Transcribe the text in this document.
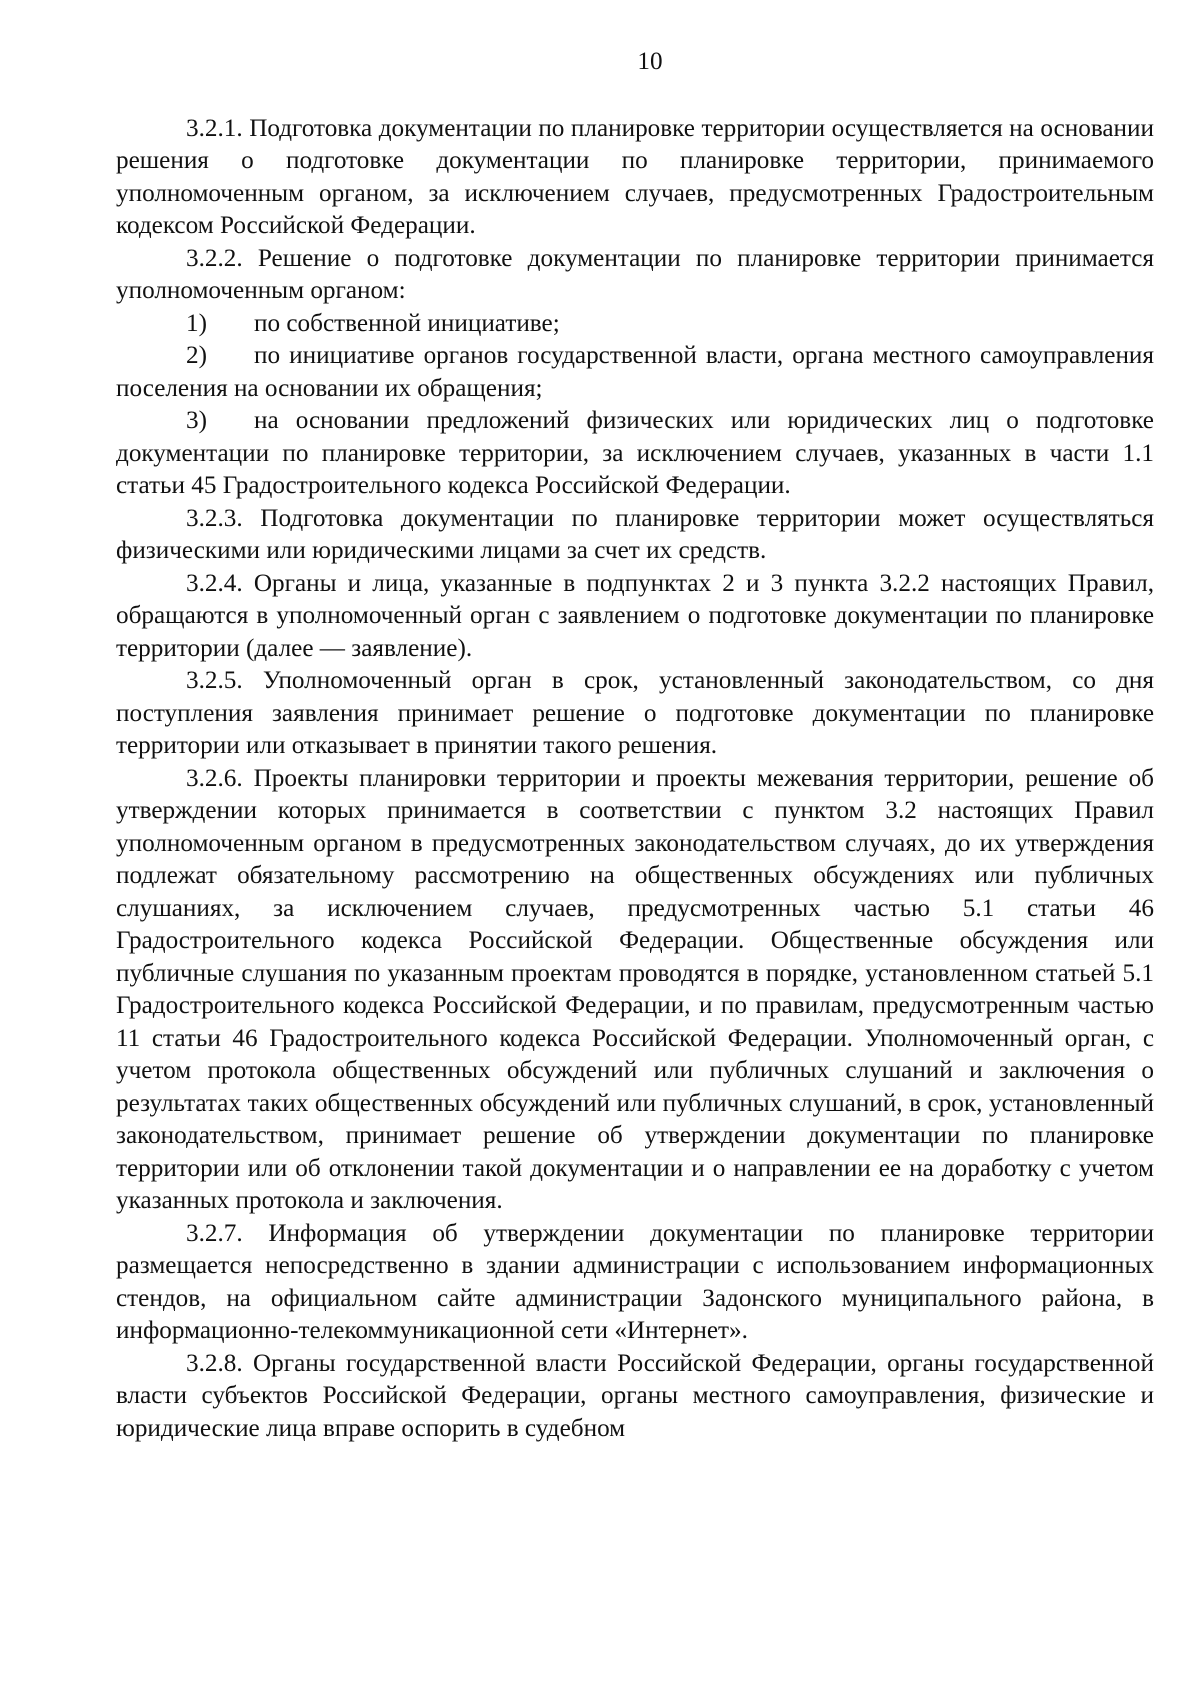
10

3.2.1. Подготовка документации по планировке территории осуществляется на основании решения о подготовке документации по планировке территории, принимаемого уполномоченным органом, за исключением случаев, предусмотренных Градостроительным кодексом Российской Федерации.

3.2.2. Решение о подготовке документации по планировке территории принимается уполномоченным органом:

1) по собственной инициативе;

2) по инициативе органов государственной власти, органа местного самоуправления поселения на основании их обращения;

3) на основании предложений физических или юридических лиц о подготовке документации по планировке территории, за исключением случаев, указанных в части 1.1 статьи 45 Градостроительного кодекса Российской Федерации.

3.2.3. Подготовка документации по планировке территории может осуществляться физическими или юридическими лицами за счет их средств.

3.2.4. Органы и лица, указанные в подпунктах 2 и 3 пункта 3.2.2 настоящих Правил, обращаются в уполномоченный орган с заявлением о подготовке документации по планировке территории (далее — заявление).

3.2.5. Уполномоченный орган в срок, установленный законодательством, со дня поступления заявления принимает решение о подготовке документации по планировке территории или отказывает в принятии такого решения.

3.2.6. Проекты планировки территории и проекты межевания территории, решение об утверждении которых принимается в соответствии с пунктом 3.2 настоящих Правил уполномоченным органом в предусмотренных законодательством случаях, до их утверждения подлежат обязательному рассмотрению на общественных обсуждениях или публичных слушаниях, за исключением случаев, предусмотренных частью 5.1 статьи 46 Градостроительного кодекса Российской Федерации. Общественные обсуждения или публичные слушания по указанным проектам проводятся в порядке, установленном статьей 5.1 Градостроительного кодекса Российской Федерации, и по правилам, предусмотренным частью 11 статьи 46 Градостроительного кодекса Российской Федерации. Уполномоченный орган, с учетом протокола общественных обсуждений или публичных слушаний и заключения о результатах таких общественных обсуждений или публичных слушаний, в срок, установленный законодательством, принимает решение об утверждении документации по планировке территории или об отклонении такой документации и о направлении ее на доработку с учетом указанных протокола и заключения.

3.2.7. Информация об утверждении документации по планировке территории размещается непосредственно в здании администрации с использованием информационных стендов, на официальном сайте администрации Задонского муниципального района, в информационно-телекоммуникационной сети «Интернет».

3.2.8. Органы государственной власти Российской Федерации, органы государственной власти субъектов Российской Федерации, органы местного самоуправления, физические и юридические лица вправе оспорить в судебном
